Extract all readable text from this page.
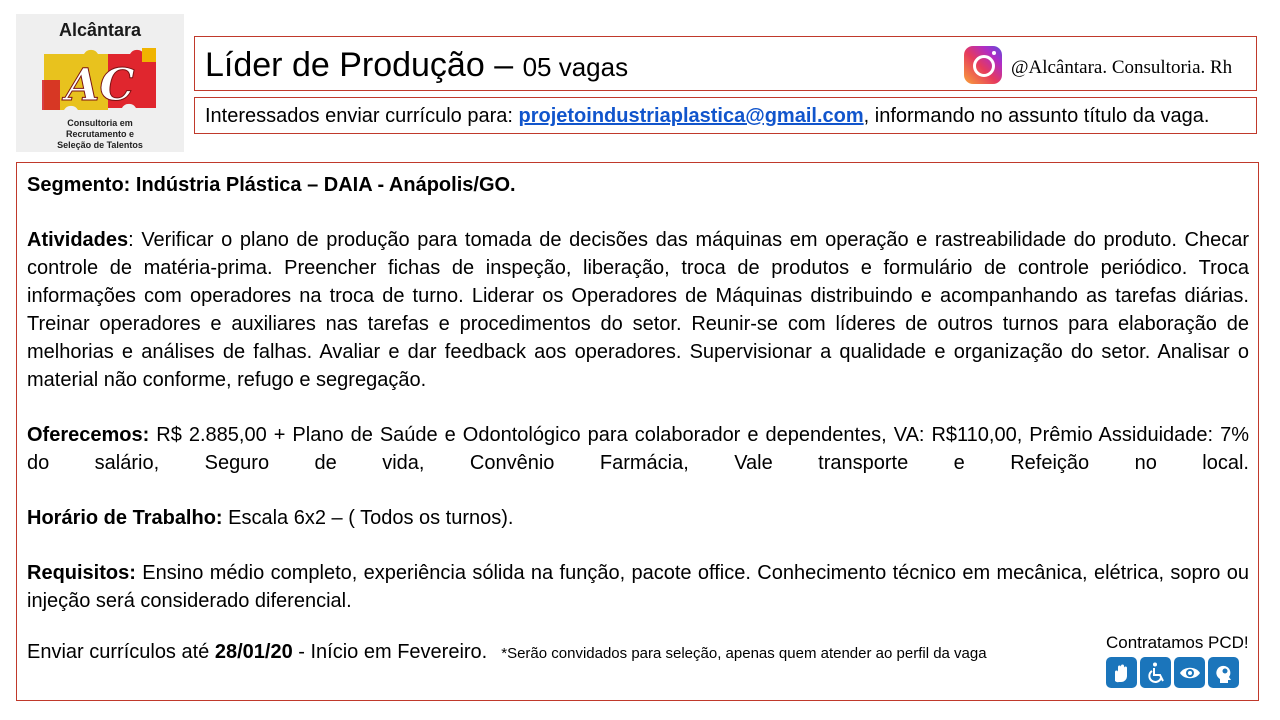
Alcântara
AC
Consultoria em
Recrutamento e
Seleção de Talentos
Líder de Produção – 05 vagas	@Alcântara. Consultoria. Rh
Interessados enviar currículo para: projetoindustriaplastica@gmail.com, informando no assunto título da vaga.

Segmento: Indústria Plástica – DAIA - Anápolis/GO.

Atividades: Verificar o plano de produção para tomada de decisões das máquinas em operação e rastreabilidade do produto. Checar controle de matéria-prima. Preencher fichas de inspeção, liberação, troca de produtos e formulário de controle periódico. Troca informações com operadores na troca de turno. Liderar os Operadores de Máquinas distribuindo e acompanhando as tarefas diárias. Treinar operadores e auxiliares nas tarefas e procedimentos do setor. Reunir-se com líderes de outros turnos para elaboração de melhorias e análises de falhas. Avaliar e dar feedback aos operadores. Supervisionar a qualidade e organização do setor. Analisar o material não conforme, refugo e segregação.

Oferecemos: R$ 2.885,00 + Plano de Saúde e Odontológico para colaborador e dependentes, VA: R$110,00, Prêmio Assiduidade: 7%
do salário, Seguro de vida, Convênio Farmácia, Vale transporte e Refeição no local.

Horário de Trabalho: Escala 6x2 – ( Todos os turnos).

Requisitos: Ensino médio completo, experiência sólida na função, pacote office. Conhecimento técnico em mecânica, elétrica, sopro ou injeção será considerado diferencial.

Enviar currículos até 28/01/20 - Início em Fevereiro. *Serão convidados para seleção, apenas quem atender ao perfil da vaga
Contratamos PCD!
